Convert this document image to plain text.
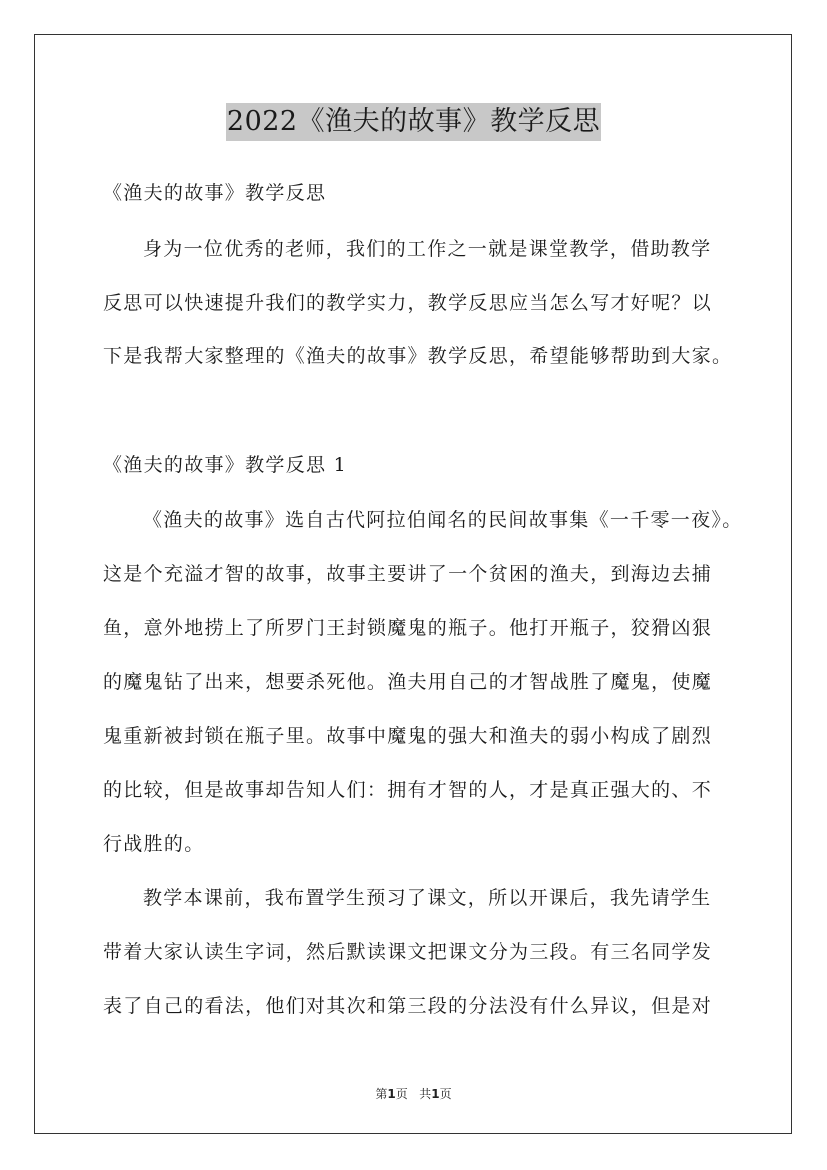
2022《渔夫的故事》教学反思
《渔夫的故事》教学反思
身为一位优秀的老师，我们的工作之一就是课堂教学，借助教学
反思可以快速提升我们的教学实力，教学反思应当怎么写才好呢？以
下是我帮大家整理的《渔夫的故事》教学反思，希望能够帮助到大家。
《渔夫的故事》教学反思 1
《渔夫的故事》选自古代阿拉伯闻名的民间故事集《一千零一夜》。
这是个充溢才智的故事，故事主要讲了一个贫困的渔夫，到海边去捕
鱼，意外地捞上了所罗门王封锁魔鬼的瓶子。他打开瓶子，狡猾凶狠
的魔鬼钻了出来，想要杀死他。渔夫用自己的才智战胜了魔鬼，使魔
鬼重新被封锁在瓶子里。故事中魔鬼的强大和渔夫的弱小构成了剧烈
的比较，但是故事却告知人们：拥有才智的人，才是真正强大的、不
行战胜的。
教学本课前，我布置学生预习了课文，所以开课后，我先请学生
带着大家认读生字词，然后默读课文把课文分为三段。有三名同学发
表了自己的看法，他们对其次和第三段的分法没有什么异议，但是对
第1页 共1页
